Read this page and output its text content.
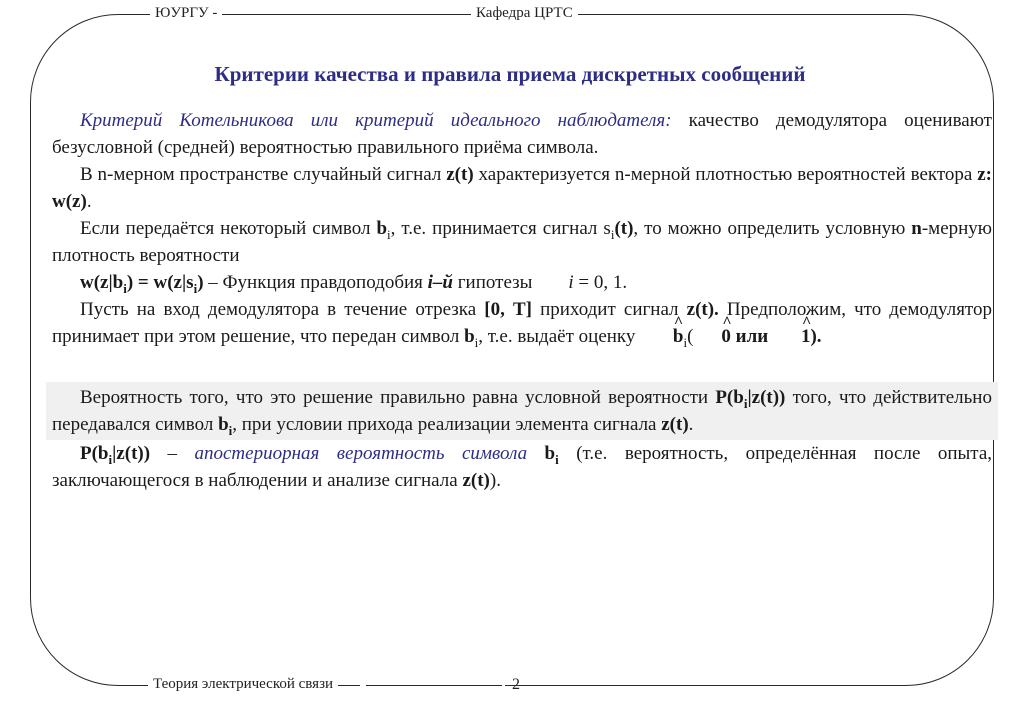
ЮУРГУ -	Кафедра ЦРТС
Теория электрической связи	2
Критерии качества и правила приема дискретных сообщений

Критерий Котельникова или критерий идеального наблюдателя: качество демодулятора оценивают безусловной (средней) вероятностью правильного приёма символа.

В n-мерном пространстве случайный сигнал z(t) характеризуется n-мерной плотностью вероятностей вектора z: w(z).

Если передаётся некоторый символ $b_i$, т.е. принимается сигнал $s_i(t)$, то можно определить условную n-мерную плотность вероятности

$w(z|b_i) = w(z|s_i)$ – Функция правдоподобия i–й гипотезы i = 0, 1.

Пусть на вход демодулятора в течение отрезка [0, T] приходит сигнал z(t). Предположим, что демодулятор принимает при этом решение, что передан символ $b_i$, т.е. выдаёт оценку  ^ $b_i(\^{}$ 0 или ^ 1).

Вероятность того, что это решение правильно равна условной вероятности $P(b_i|z(t))$ того, что действительно передавался символ $b_i$, при условии прихода реализации элемента сигнала z(t).

$P(b_i|z(t))$ – апостериорная вероятность символа $b_i$ (т.е. вероятность, определённая после опыта, заключающегося в наблюдении и анализе сигнала z(t)).
